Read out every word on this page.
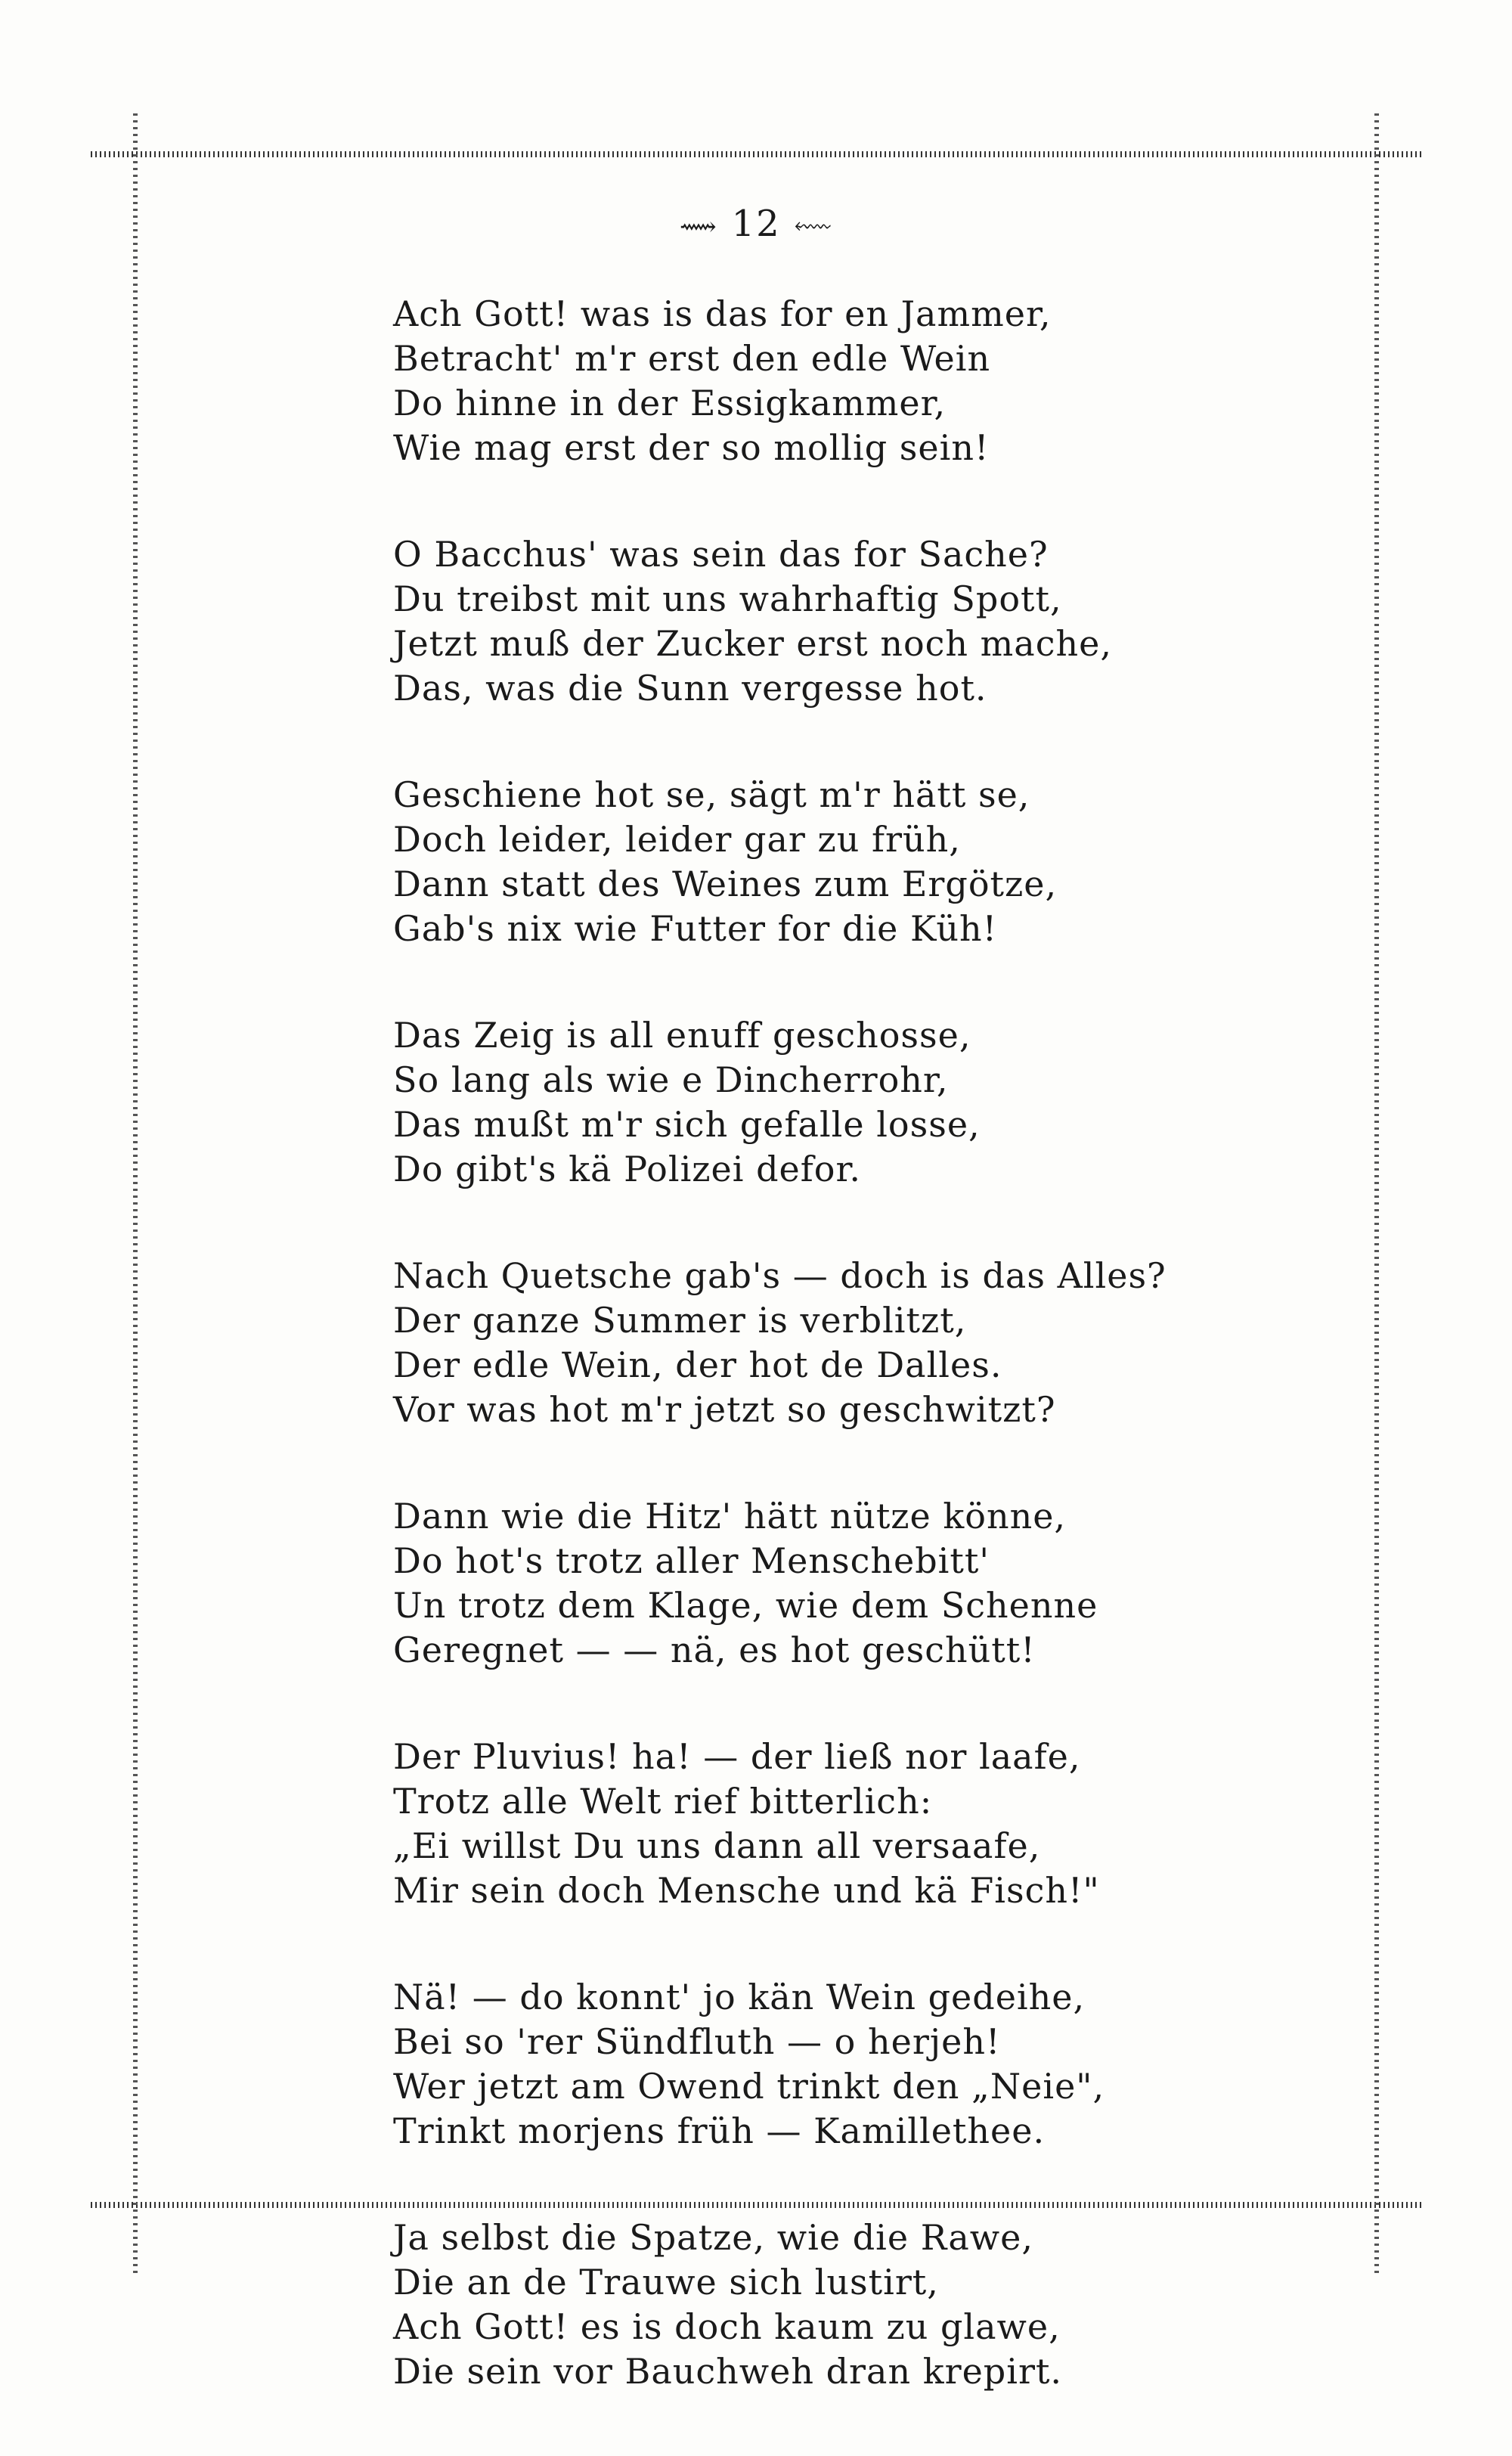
⟿ 12 ⬳
Ach Gott! was is das for en Jammer,
Betracht' m'r erst den edle Wein
Do hinne in der Essigkammer,
Wie mag erst der so mollig sein!
O Bacchus' was sein das for Sache?
Du treibst mit uns wahrhaftig Spott,
Jetzt muß der Zucker erst noch mache,
Das, was die Sunn vergesse hot.
Geschiene hot se, sägt m'r hätt se,
Doch leider, leider gar zu früh,
Dann statt des Weines zum Ergötze,
Gab's nix wie Futter for die Küh!
Das Zeig is all enuff geschosse,
So lang als wie e Dincherrohr,
Das mußt m'r sich gefalle losse,
Do gibt's kä Polizei defor.
Nach Quetsche gab's — doch is das Alles?
Der ganze Summer is verblitzt,
Der edle Wein, der hot de Dalles.
Vor was hot m'r jetzt so geschwitzt?
Dann wie die Hitz' hätt nütze könne,
Do hot's trotz aller Menschebitt'
Un trotz dem Klage, wie dem Schenne
Geregnet — — nä, es hot geschütt!
Der Pluvius! ha! — der ließ nor laafe,
Trotz alle Welt rief bitterlich:
„Ei willst Du uns dann all versaafe,
Mir sein doch Mensche und kä Fisch!"
Nä! — do konnt' jo kän Wein gedeihe,
Bei so 'rer Sündfluth — o herjeh!
Wer jetzt am Owend trinkt den „Neie",
Trinkt morjens früh — Kamillethee.
Ja selbst die Spatze, wie die Rawe,
Die an de Trauwe sich lustirt,
Ach Gott! es is doch kaum zu glawe,
Die sein vor Bauchweh dran krepirt.
